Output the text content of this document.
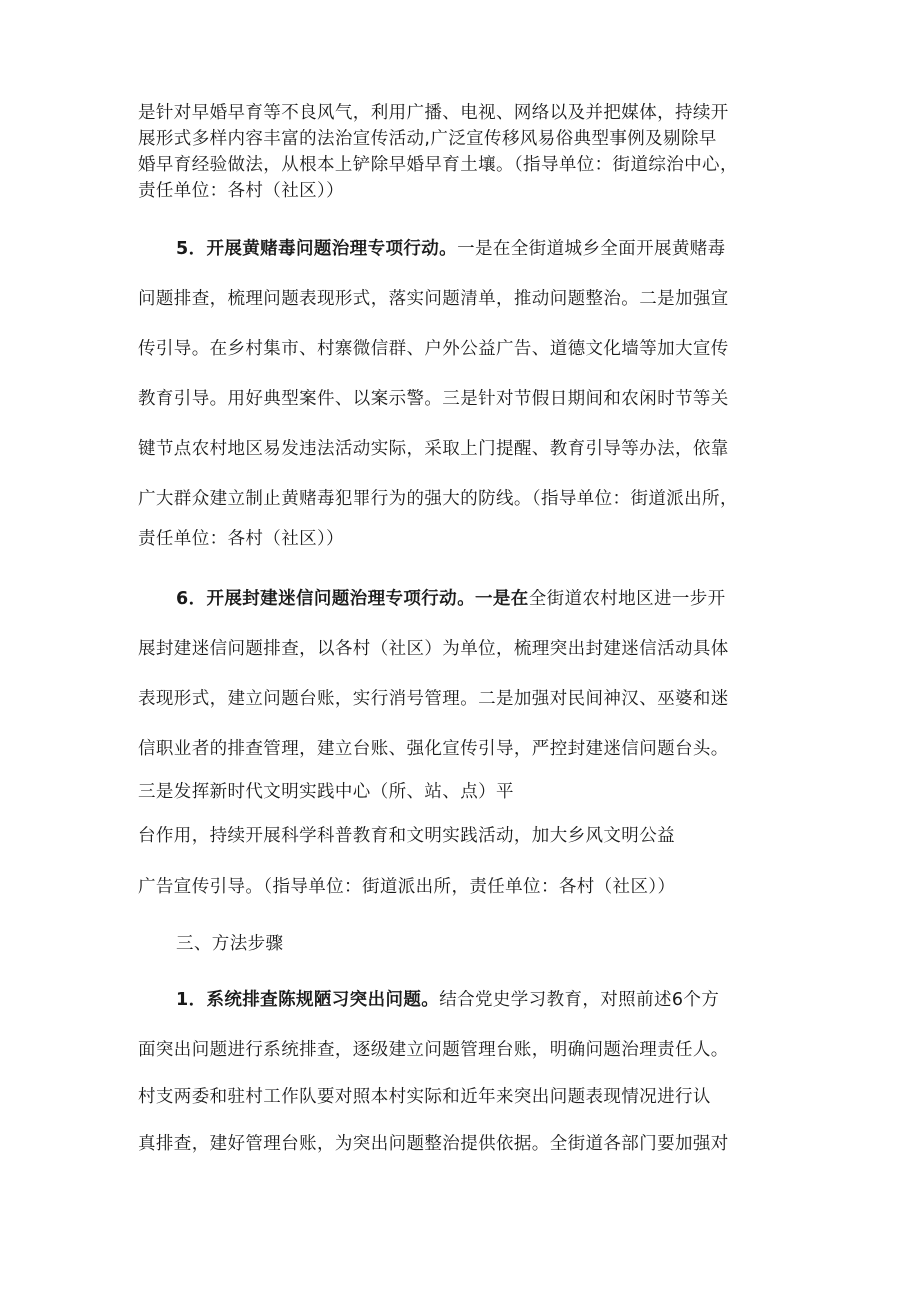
是针对早婚早育等不良风气，利用广播、电视、网络以及并把媒体，持续开
展形式多样内容丰富的法治宣传活动,广泛宣传移风易俗典型事例及剔除早
婚早育经验做法，从根本上铲除早婚早育土壤。（指导单位：街道综治中心，
责任单位：各村（社区））
5．开展黄赌毒问题治理专项行动。一是在全街道城乡全面开展黄赌毒
问题排查，梳理问题表现形式，落实问题清单，推动问题整治。二是加强宣
传引导。在乡村集市、村寨微信群、户外公益广告、道德文化墙等加大宣传
教育引导。用好典型案件、以案示警。三是针对节假日期间和农闲时节等关
键节点农村地区易发违法活动实际，采取上门提醒、教育引导等办法，依靠
广大群众建立制止黄赌毒犯罪行为的强大的防线。（指导单位：街道派出所，
责任单位：各村（社区））
6．开展封建迷信问题治理专项行动。一是在全街道农村地区进一步开
展封建迷信问题排查，以各村（社区）为单位，梳理突出封建迷信活动具体
表现形式，建立问题台账，实行消号管理。二是加强对民间神汉、巫婆和迷
信职业者的排查管理，建立台账、强化宣传引导，严控封建迷信问题台头。
三是发挥新时代文明实践中心（所、站、点）平
台作用，持续开展科学科普教育和文明实践活动，加大乡风文明公益
广告宣传引导。（指导单位：街道派出所，责任单位：各村（社区））
三、方法步骤
1．系统排查陈规陋习突出问题。结合党史学习教育，对照前述6个方
面突出问题进行系统排查，逐级建立问题管理台账，明确问题治理责任人。
村支两委和驻村工作队要对照本村实际和近年来突出问题表现情况进行认
真排查，建好管理台账，为突出问题整治提供依据。全街道各部门要加强对
